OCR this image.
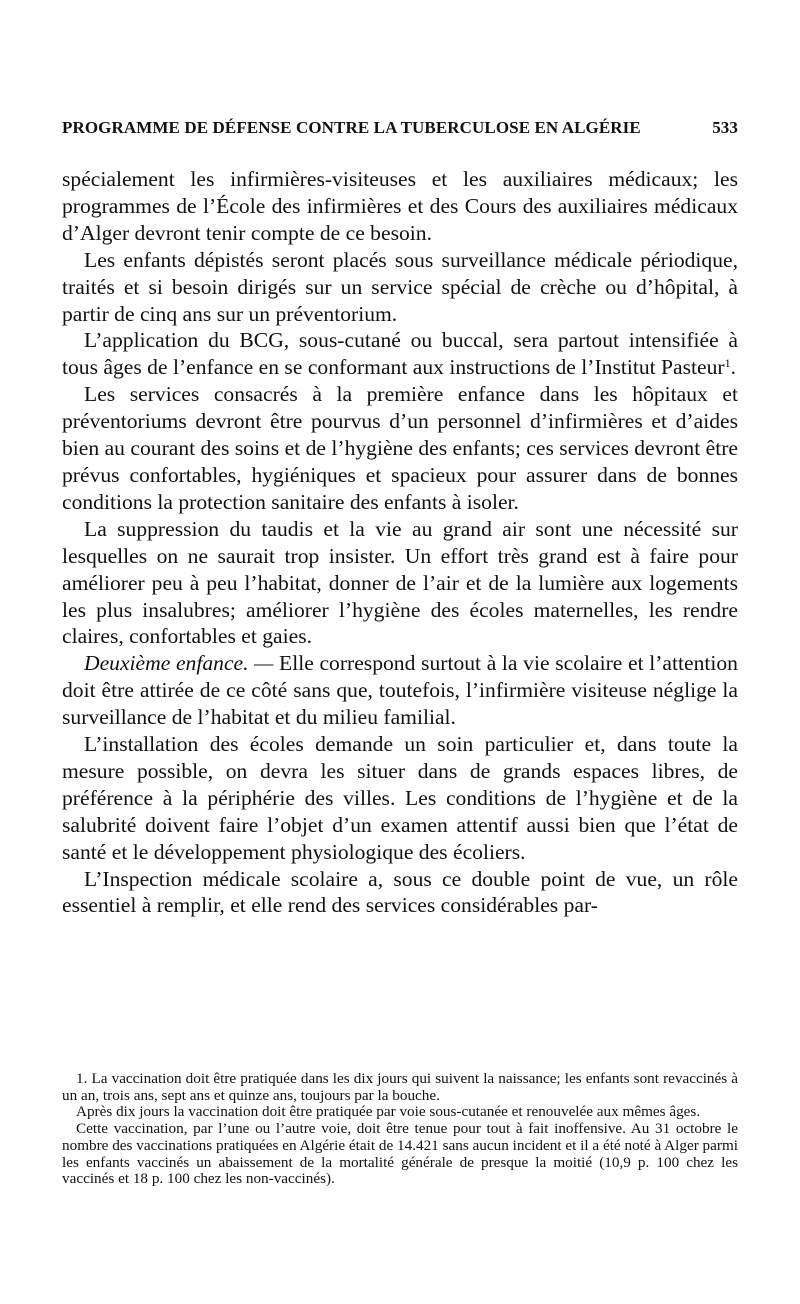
PROGRAMME DE DÉFENSE CONTRE LA TUBERCULOSE EN ALGÉRIE	533

spécialement les infirmières-visiteuses et les auxiliaires médicaux; les programmes de l’École des infirmières et des Cours des auxiliaires médicaux d’Alger devront tenir compte de ce besoin.

Les enfants dépistés seront placés sous surveillance médicale périodique, traités et si besoin dirigés sur un service spécial de crèche ou d’hôpital, à partir de cinq ans sur un préventorium.

L’application du BCG, sous-cutané ou buccal, sera partout intensifiée à tous âges de l’enfance en se conformant aux instructions de l’Institut Pasteur$^1$.

Les services consacrés à la première enfance dans les hôpitaux et préventoriums devront être pourvus d’un personnel d’infirmières et d’aides bien au courant des soins et de l’hygiène des enfants; ces services devront être prévus confortables, hygiéniques et spacieux pour assurer dans de bonnes conditions la protection sanitaire des enfants à isoler.

La suppression du taudis et la vie au grand air sont une nécessité sur lesquelles on ne saurait trop insister. Un effort très grand est à faire pour améliorer peu à peu l’habitat, donner de l’air et de la lumière aux logements les plus insalubres; améliorer l’hygiène des écoles maternelles, les rendre claires, confortables et gaies.

Deuxième enfance. — Elle correspond surtout à la vie scolaire et l’attention doit être attirée de ce côté sans que, toutefois, l’infirmière visiteuse néglige la surveillance de l’habitat et du milieu familial.

L’installation des écoles demande un soin particulier et, dans toute la mesure possible, on devra les situer dans de grands espaces libres, de préférence à la périphérie des villes. Les conditions de l’hygiène et de la salubrité doivent faire l’objet d’un examen attentif aussi bien que l’état de santé et le développement physiologique des écoliers.

L’Inspection médicale scolaire a, sous ce double point de vue, un rôle essentiel à remplir, et elle rend des services considérables par-

1. La vaccination doit être pratiquée dans les dix jours qui suivent la naissance; les enfants sont revaccinés à un an, trois ans, sept ans et quinze ans, toujours par la bouche.

Après dix jours la vaccination doit être pratiquée par voie sous-cutanée et renouvelée aux mêmes âges.

Cette vaccination, par l’une ou l’autre voie, doit être tenue pour tout à fait inoffensive. Au 31 octobre le nombre des vaccinations pratiquées en Algérie était de 14.421 sans aucun incident et il a été noté à Alger parmi les enfants vaccinés un abaissement de la mortalité générale de presque la moitié (10,9 p. 100 chez les vaccinés et 18 p. 100 chez les non-vaccinés).
